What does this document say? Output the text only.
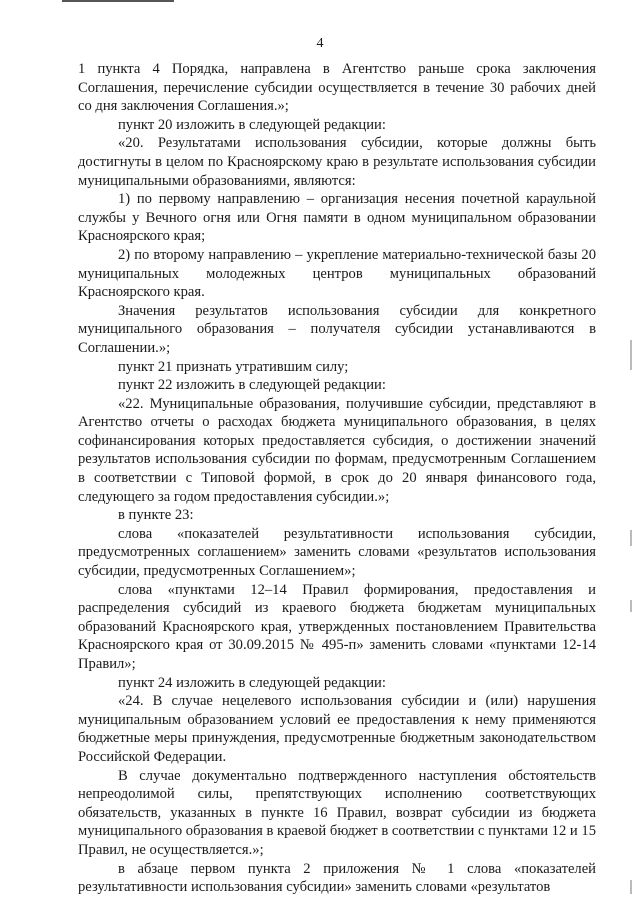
4

1 пункта 4 Порядка, направлена в Агентство раньше срока заключения Соглашения, перечисление субсидии осуществляется в течение 30 рабочих дней со дня заключения Соглашения.»;

пункт 20 изложить в следующей редакции:

«20. Результатами использования субсидии, которые должны быть достигнуты в целом по Красноярскому краю в результате использования субсидии муниципальными образованиями, являются:

1) по первому направлению – организация несения почетной караульной службы у Вечного огня или Огня памяти в одном муниципальном образовании Красноярского края;

2) по второму направлению – укрепление материально-технической базы 20 муниципальных молодежных центров муниципальных образований Красноярского края.

Значения результатов использования субсидии для конкретного муниципального образования – получателя субсидии устанавливаются в Соглашении.»;

пункт 21 признать утратившим силу;

пункт 22 изложить в следующей редакции:

«22. Муниципальные образования, получившие субсидии, представляют в Агентство отчеты о расходах бюджета муниципального образования, в целях софинансирования которых предоставляется субсидия, о достижении значений результатов использования субсидии по формам, предусмотренным Соглашением в соответствии с Типовой формой, в срок до 20 января финансового года, следующего за годом предоставления субсидии.»;

в пункте 23:

слова «показателей результативности использования субсидии, предусмотренных соглашением» заменить словами «результатов использования субсидии, предусмотренных Соглашением»;

слова «пунктами 12–14 Правил формирования, предоставления и распределения субсидий из краевого бюджета бюджетам муниципальных образований Красноярского края, утвержденных постановлением Правительства Красноярского края от 30.09.2015 № 495-п» заменить словами «пунктами 12-14 Правил»;

пункт 24 изложить в следующей редакции:

«24. В случае нецелевого использования субсидии и (или) нарушения муниципальным образованием условий ее предоставления к нему применяются бюджетные меры принуждения, предусмотренные бюджетным законодательством Российской Федерации.

В случае документально подтвержденного наступления обстоятельств непреодолимой силы, препятствующих исполнению соответствующих обязательств, указанных в пункте 16 Правил, возврат субсидии из бюджета муниципального образования в краевой бюджет в соответствии с пунктами 12 и 15 Правил, не осуществляется.»;

в абзаце первом пункта 2 приложения № 1 слова «показателей результативности использования субсидии» заменить словами «результатов
